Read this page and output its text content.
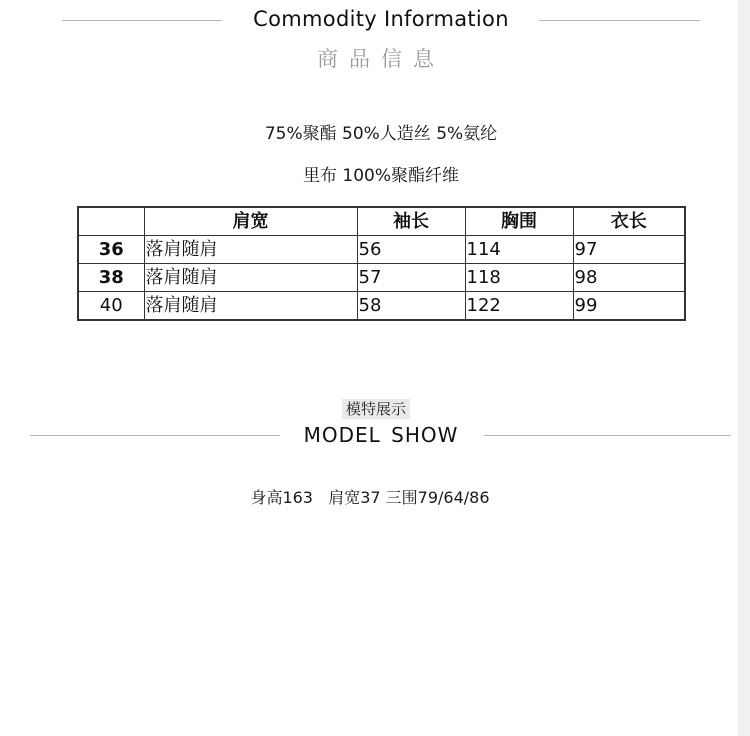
Commodity Information
商品信息
75%聚酯 50%人造丝 5%氨纶
里布 100%聚酯纤维
	肩宽	袖长	胸围	衣长
36	落肩随肩	56	114	97
38	落肩随肩	57	118	98
40	落肩随肩	58	122	99
模特展示
MODEL SHOW
身高163   肩宽37 三围79/64/86
